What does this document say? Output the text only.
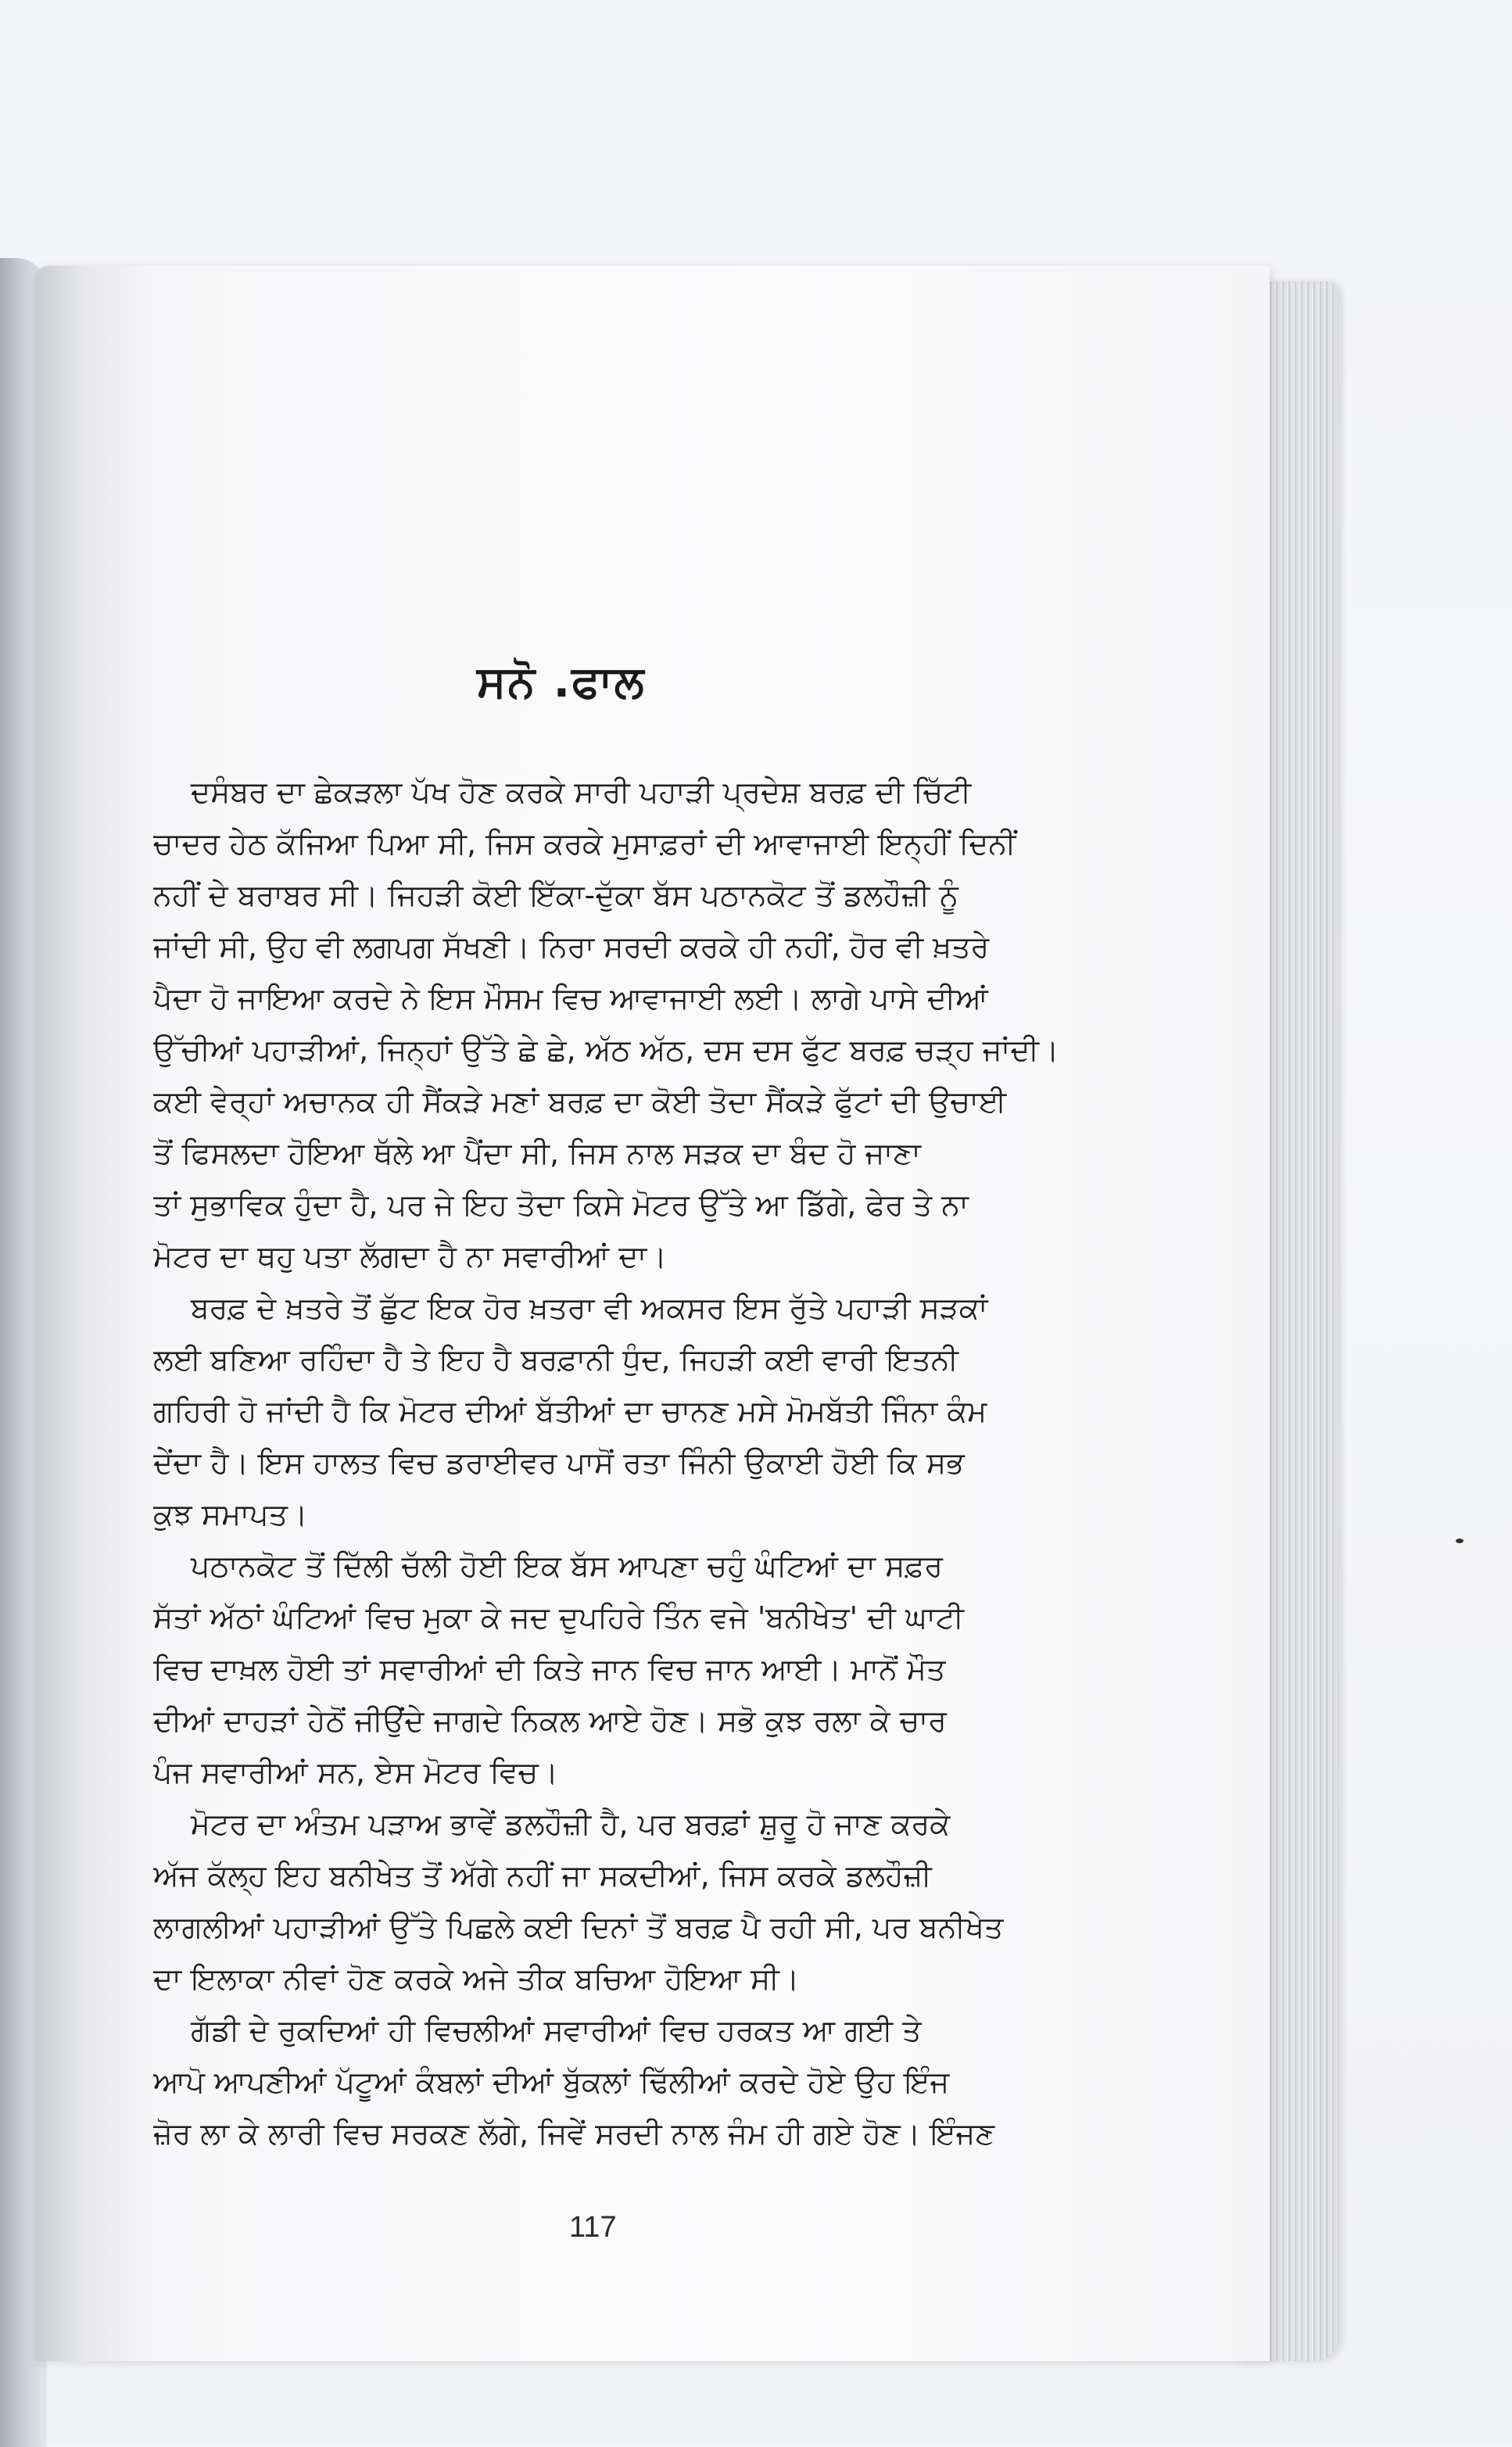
ਸਨੋ .ਫਾਲ
ਦਸੰਬਰ ਦਾ ਛੇਕੜਲਾ ਪੱਖ ਹੋਣ ਕਰਕੇ ਸਾਰੀ ਪਹਾੜੀ ਪ੍ਰਦੇਸ਼ ਬਰਫ਼ ਦੀ ਚਿੱਟੀ
ਚਾਦਰ ਹੇਠ ਕੱਜਿਆ ਪਿਆ ਸੀ, ਜਿਸ ਕਰਕੇ ਮੁਸਾਫ਼ਰਾਂ ਦੀ ਆਵਾਜਾਈ ਇਨ੍ਹੀਂ ਦਿਨੀਂ
ਨਹੀਂ ਦੇ ਬਰਾਬਰ ਸੀ। ਜਿਹੜੀ ਕੋਈ ਇੱਕਾ-ਦੁੱਕਾ ਬੱਸ ਪਠਾਨਕੋਟ ਤੋਂ ਡਲਹੌਜ਼ੀ ਨੂੰ
ਜਾਂਦੀ ਸੀ, ਉਹ ਵੀ ਲਗਪਗ ਸੱਖਣੀ। ਨਿਰਾ ਸਰਦੀ ਕਰਕੇ ਹੀ ਨਹੀਂ, ਹੋਰ ਵੀ ਖ਼ਤਰੇ
ਪੈਦਾ ਹੋ ਜਾਇਆ ਕਰਦੇ ਨੇ ਇਸ ਮੌਸਮ ਵਿਚ ਆਵਾਜਾਈ ਲਈ। ਲਾਗੇ ਪਾਸੇ ਦੀਆਂ
ਉੱਚੀਆਂ ਪਹਾੜੀਆਂ, ਜਿਨ੍ਹਾਂ ਉੱਤੇ ਛੇ ਛੇ, ਅੱਠ ਅੱਠ, ਦਸ ਦਸ ਫੁੱਟ ਬਰਫ਼ ਚੜ੍ਹ ਜਾਂਦੀ।
ਕਈ ਵੇਰ੍ਹਾਂ ਅਚਾਨਕ ਹੀ ਸੈਂਕੜੇ ਮਣਾਂ ਬਰਫ਼ ਦਾ ਕੋਈ ਤੋਦਾ ਸੈਂਕੜੇ ਫੁੱਟਾਂ ਦੀ ਉਚਾਈ
ਤੋਂ ਫਿਸਲਦਾ ਹੋਇਆ ਥੱਲੇ ਆ ਪੈਂਦਾ ਸੀ, ਜਿਸ ਨਾਲ ਸੜਕ ਦਾ ਬੰਦ ਹੋ ਜਾਣਾ
ਤਾਂ ਸੁਭਾਵਿਕ ਹੁੰਦਾ ਹੈ, ਪਰ ਜੇ ਇਹ ਤੋਦਾ ਕਿਸੇ ਮੋਟਰ ਉੱਤੇ ਆ ਡਿੱਗੇ, ਫੇਰ ਤੇ ਨਾ
ਮੋਟਰ ਦਾ ਥਹੁ ਪਤਾ ਲੱਗਦਾ ਹੈ ਨਾ ਸਵਾਰੀਆਂ ਦਾ।
ਬਰਫ਼ ਦੇ ਖ਼ਤਰੇ ਤੋਂ ਛੁੱਟ ਇਕ ਹੋਰ ਖ਼ਤਰਾ ਵੀ ਅਕਸਰ ਇਸ ਰੁੱਤੇ ਪਹਾੜੀ ਸੜਕਾਂ
ਲਈ ਬਣਿਆ ਰਹਿੰਦਾ ਹੈ ਤੇ ਇਹ ਹੈ ਬਰਫ਼ਾਨੀ ਧੁੰਦ, ਜਿਹੜੀ ਕਈ ਵਾਰੀ ਇਤਨੀ
ਗਹਿਰੀ ਹੋ ਜਾਂਦੀ ਹੈ ਕਿ ਮੋਟਰ ਦੀਆਂ ਬੱਤੀਆਂ ਦਾ ਚਾਨਣ ਮਸੇ ਮੋਮਬੱਤੀ ਜਿੰਨਾ ਕੰਮ
ਦੇਂਦਾ ਹੈ। ਇਸ ਹਾਲਤ ਵਿਚ ਡਰਾਈਵਰ ਪਾਸੋਂ ਰਤਾ ਜਿੰਨੀ ਉਕਾਈ ਹੋਈ ਕਿ ਸਭ
ਕੁਝ ਸਮਾਪਤ।
ਪਠਾਨਕੋਟ ਤੋਂ ਦਿੱਲੀ ਚੱਲੀ ਹੋਈ ਇਕ ਬੱਸ ਆਪਣਾ ਚਹੁੰ ਘੰਟਿਆਂ ਦਾ ਸਫ਼ਰ
ਸੱਤਾਂ ਅੱਠਾਂ ਘੰਟਿਆਂ ਵਿਚ ਮੁਕਾ ਕੇ ਜਦ ਦੁਪਹਿਰੇ ਤਿੰਨ ਵਜੇ 'ਬਨੀਖੇਤ' ਦੀ ਘਾਟੀ
ਵਿਚ ਦਾਖ਼ਲ ਹੋਈ ਤਾਂ ਸਵਾਰੀਆਂ ਦੀ ਕਿਤੇ ਜਾਨ ਵਿਚ ਜਾਨ ਆਈ। ਮਾਨੋਂ ਮੌਤ
ਦੀਆਂ ਦਾਹੜਾਂ ਹੇਠੋਂ ਜੀਉਂਦੇ ਜਾਗਦੇ ਨਿਕਲ ਆਏ ਹੋਣ। ਸਭੋ ਕੁਝ ਰਲਾ ਕੇ ਚਾਰ
ਪੰਜ ਸਵਾਰੀਆਂ ਸਨ, ਏਸ ਮੋਟਰ ਵਿਚ।
ਮੋਟਰ ਦਾ ਅੰਤਮ ਪੜਾਅ ਭਾਵੇਂ ਡਲਹੌਜ਼ੀ ਹੈ, ਪਰ ਬਰਫ਼ਾਂ ਸ਼ੁਰੂ ਹੋ ਜਾਣ ਕਰਕੇ
ਅੱਜ ਕੱਲ੍ਹ ਇਹ ਬਨੀਖੇਤ ਤੋਂ ਅੱਗੇ ਨਹੀਂ ਜਾ ਸਕਦੀਆਂ, ਜਿਸ ਕਰਕੇ ਡਲਹੌਜ਼ੀ
ਲਾਗਲੀਆਂ ਪਹਾੜੀਆਂ ਉੱਤੇ ਪਿਛਲੇ ਕਈ ਦਿਨਾਂ ਤੋਂ ਬਰਫ਼ ਪੈ ਰਹੀ ਸੀ, ਪਰ ਬਨੀਖੇਤ
ਦਾ ਇਲਾਕਾ ਨੀਵਾਂ ਹੋਣ ਕਰਕੇ ਅਜੇ ਤੀਕ ਬਚਿਆ ਹੋਇਆ ਸੀ।
ਗੱਡੀ ਦੇ ਰੁਕਦਿਆਂ ਹੀ ਵਿਚਲੀਆਂ ਸਵਾਰੀਆਂ ਵਿਚ ਹਰਕਤ ਆ ਗਈ ਤੇ
ਆਪੋ ਆਪਣੀਆਂ ਪੱਟੂਆਂ ਕੰਬਲਾਂ ਦੀਆਂ ਬੁੱਕਲਾਂ ਢਿੱਲੀਆਂ ਕਰਦੇ ਹੋਏ ਉਹ ਇੰਜ
ਜ਼ੋਰ ਲਾ ਕੇ ਲਾਰੀ ਵਿਚ ਸਰਕਣ ਲੱਗੇ, ਜਿਵੇਂ ਸਰਦੀ ਨਾਲ ਜੰਮ ਹੀ ਗਏ ਹੋਣ। ਇੰਜਣ
117
